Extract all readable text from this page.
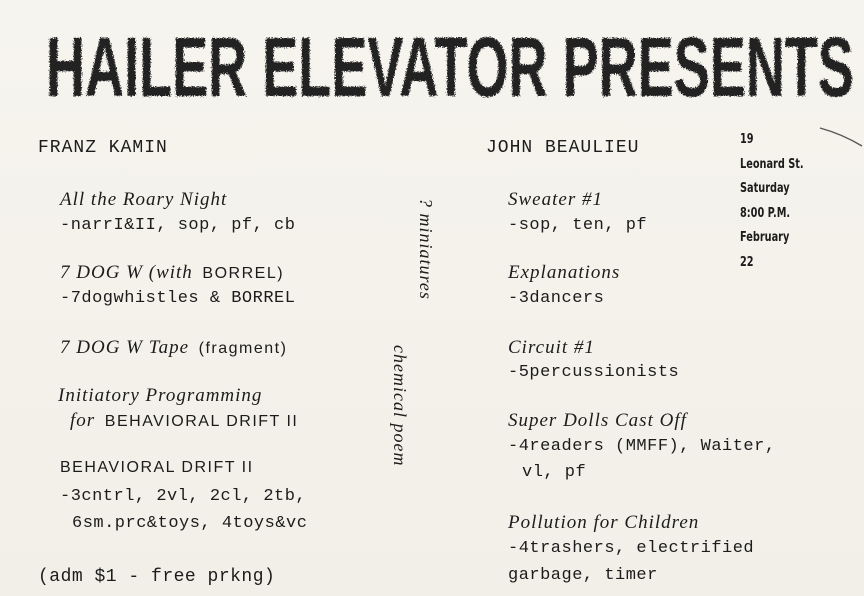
HAILER ELEVATOR PRESENTS
FRANZ KAMIN
All the Roary Night
-narrI&II, sop, pf, cb
7 DOG W (with BORREL)
-7dogwhistles & BORREL
7 DOG W Tape (fragment)
Initiatory Programming
for BEHAVIORAL DRIFT II
BEHAVIORAL DRIFT II
-3cntrl, 2vl, 2cl, 2tb,
6sm.prc&toys, 4toys&vc
(adm $1 - free prkng)
? miniatures
chemical poem
JOHN BEAULIEU
Sweater #1
-sop, ten, pf
Explanations
-3dancers
Circuit #1
-5percussionists
Super Dolls Cast Off
-4readers (MMFF), Waiter,
vl, pf
Pollution for Children
-4trashers, electrified
garbage, timer
19
Leonard St.
Saturday
8:00 P.M.
February
22
